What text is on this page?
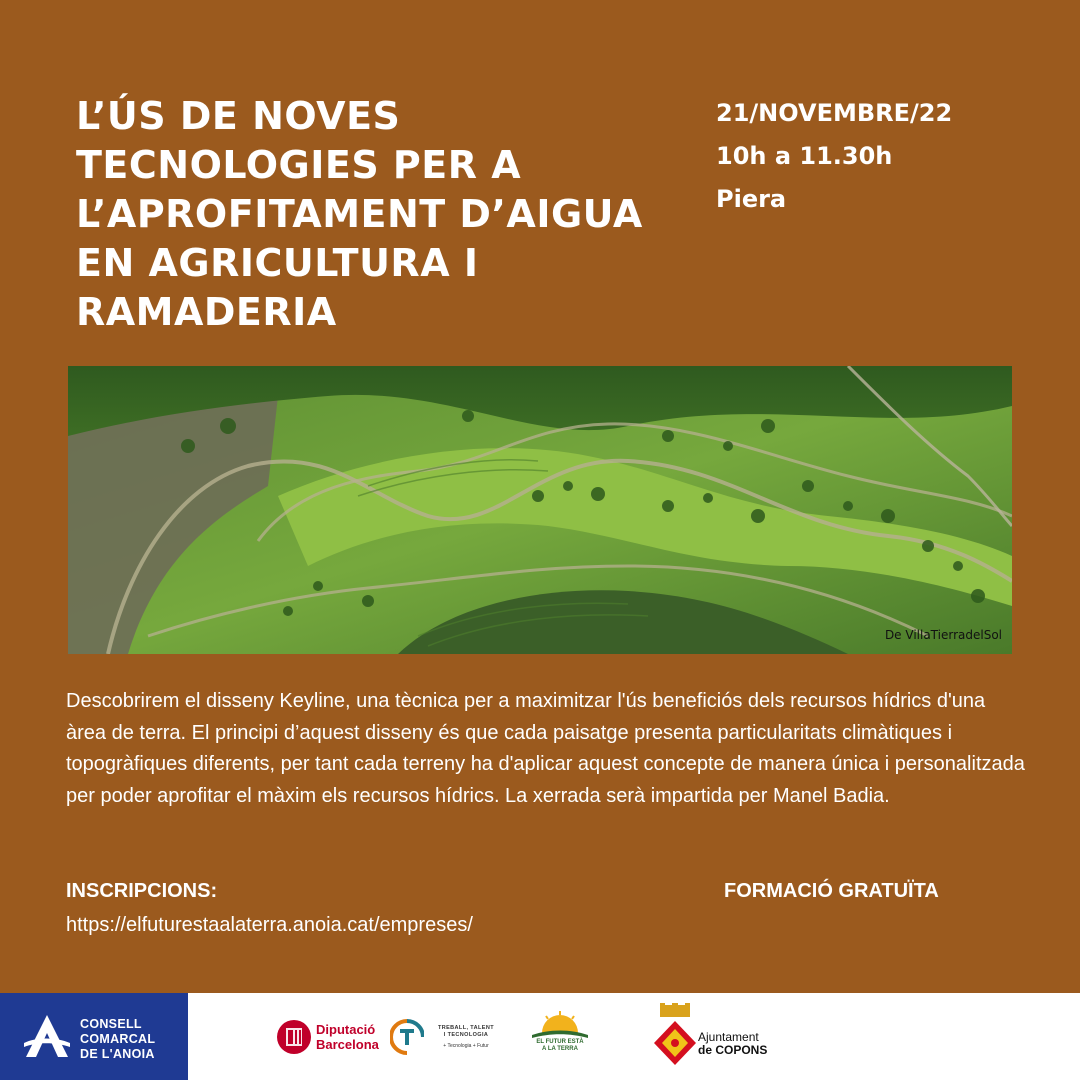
L’ÚS DE NOVES
TECNOLOGIES PER A
L’APROFITAMENT D’AIGUA
EN AGRICULTURA I
RAMADERIA
21/NOVEMBRE/22
10h a 11.30h
Piera
De VillaTierradelSol
Descobrirem el disseny Keyline, una tècnica per a maximitzar l'ús beneficiós dels recursos hídrics d'una àrea de terra. El principi d’aquest disseny és que cada paisatge presenta particularitats climàtiques i topogràfiques diferents, per tant cada terreny ha d'aplicar aquest concepte de manera única i personalitzada per poder aprofitar el màxim els recursos hídrics. La xerrada serà impartida per Manel Badia.
INSCRIPCIONS:
https://elfuturestaalaterra.anoia.cat/empreses/
FORMACIÓ GRATUÏTA
CONSELL
COMARCAL
DE L'ANOIA
Diputació
Barcelona
TREBALL, TALENT
I TECNOLOGIA
+ Tecnologia + Futur
EL FUTUR ESTÀ
A LA TERRA
Ajuntament
de COPONS
